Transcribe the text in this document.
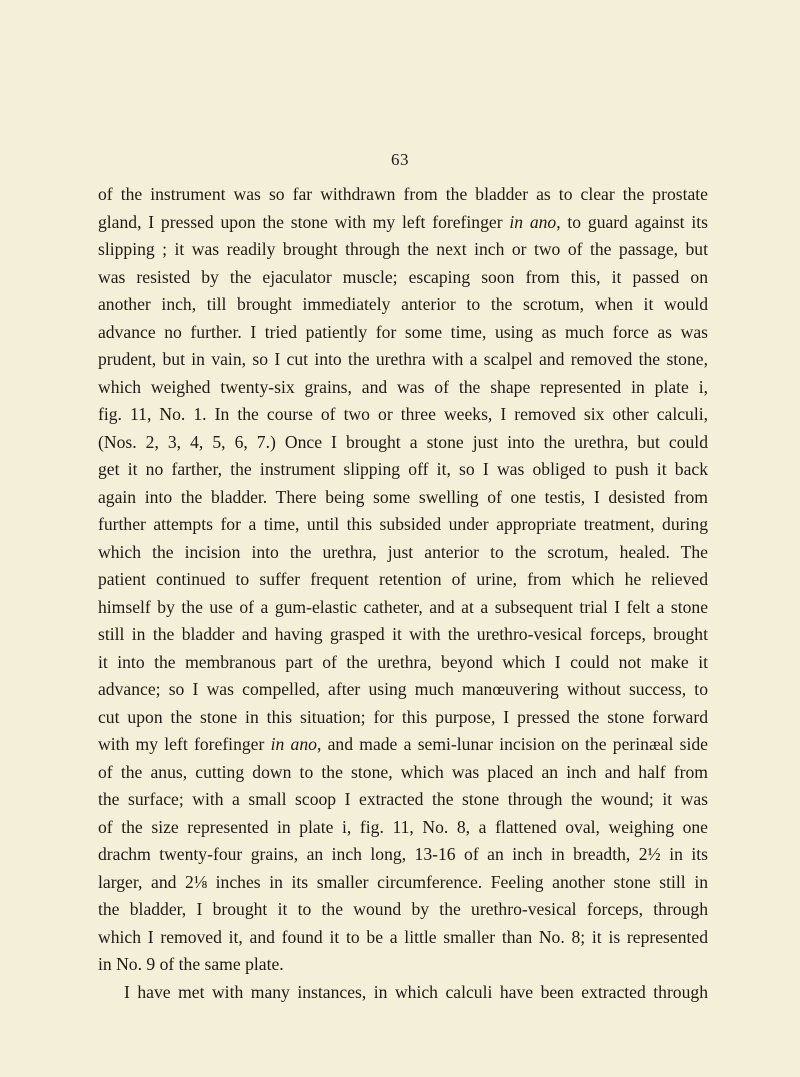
63
of the instrument was so far withdrawn from the bladder as to clear the prostate
gland, I pressed upon the stone with my left forefinger in ano, to guard against its
slipping ; it was readily brought through the next inch or two of the passage, but
was resisted by the ejaculator muscle; escaping soon from this, it passed on
another inch, till brought immediately anterior to the scrotum, when it would
advance no further. I tried patiently for some time, using as much force as was
prudent, but in vain, so I cut into the urethra with a scalpel and removed the stone,
which weighed twenty-six grains, and was of the shape represented in plate i,
fig. 11, No. 1. In the course of two or three weeks, I removed six other calculi,
(Nos. 2, 3, 4, 5, 6, 7.) Once I brought a stone just into the urethra, but could
get it no farther, the instrument slipping off it, so I was obliged to push it back
again into the bladder. There being some swelling of one testis, I desisted from
further attempts for a time, until this subsided under appropriate treatment, during
which the incision into the urethra, just anterior to the scrotum, healed. The
patient continued to suffer frequent retention of urine, from which he relieved
himself by the use of a gum-elastic catheter, and at a subsequent trial I felt a stone
still in the bladder and having grasped it with the urethro-vesical forceps, brought
it into the membranous part of the urethra, beyond which I could not make it
advance; so I was compelled, after using much manœuvering without success, to
cut upon the stone in this situation; for this purpose, I pressed the stone forward
with my left forefinger in ano, and made a semi-lunar incision on the perinæal side
of the anus, cutting down to the stone, which was placed an inch and half from
the surface; with a small scoop I extracted the stone through the wound; it was
of the size represented in plate i, fig. 11, No. 8, a flattened oval, weighing one
drachm twenty-four grains, an inch long, 13-16 of an inch in breadth, 2½ in its
larger, and 2⅛ inches in its smaller circumference. Feeling another stone still in
the bladder, I brought it to the wound by the urethro-vesical forceps, through
which I removed it, and found it to be a little smaller than No. 8; it is represented
in No. 9 of the same plate.
I have met with many instances, in which calculi have been extracted through
